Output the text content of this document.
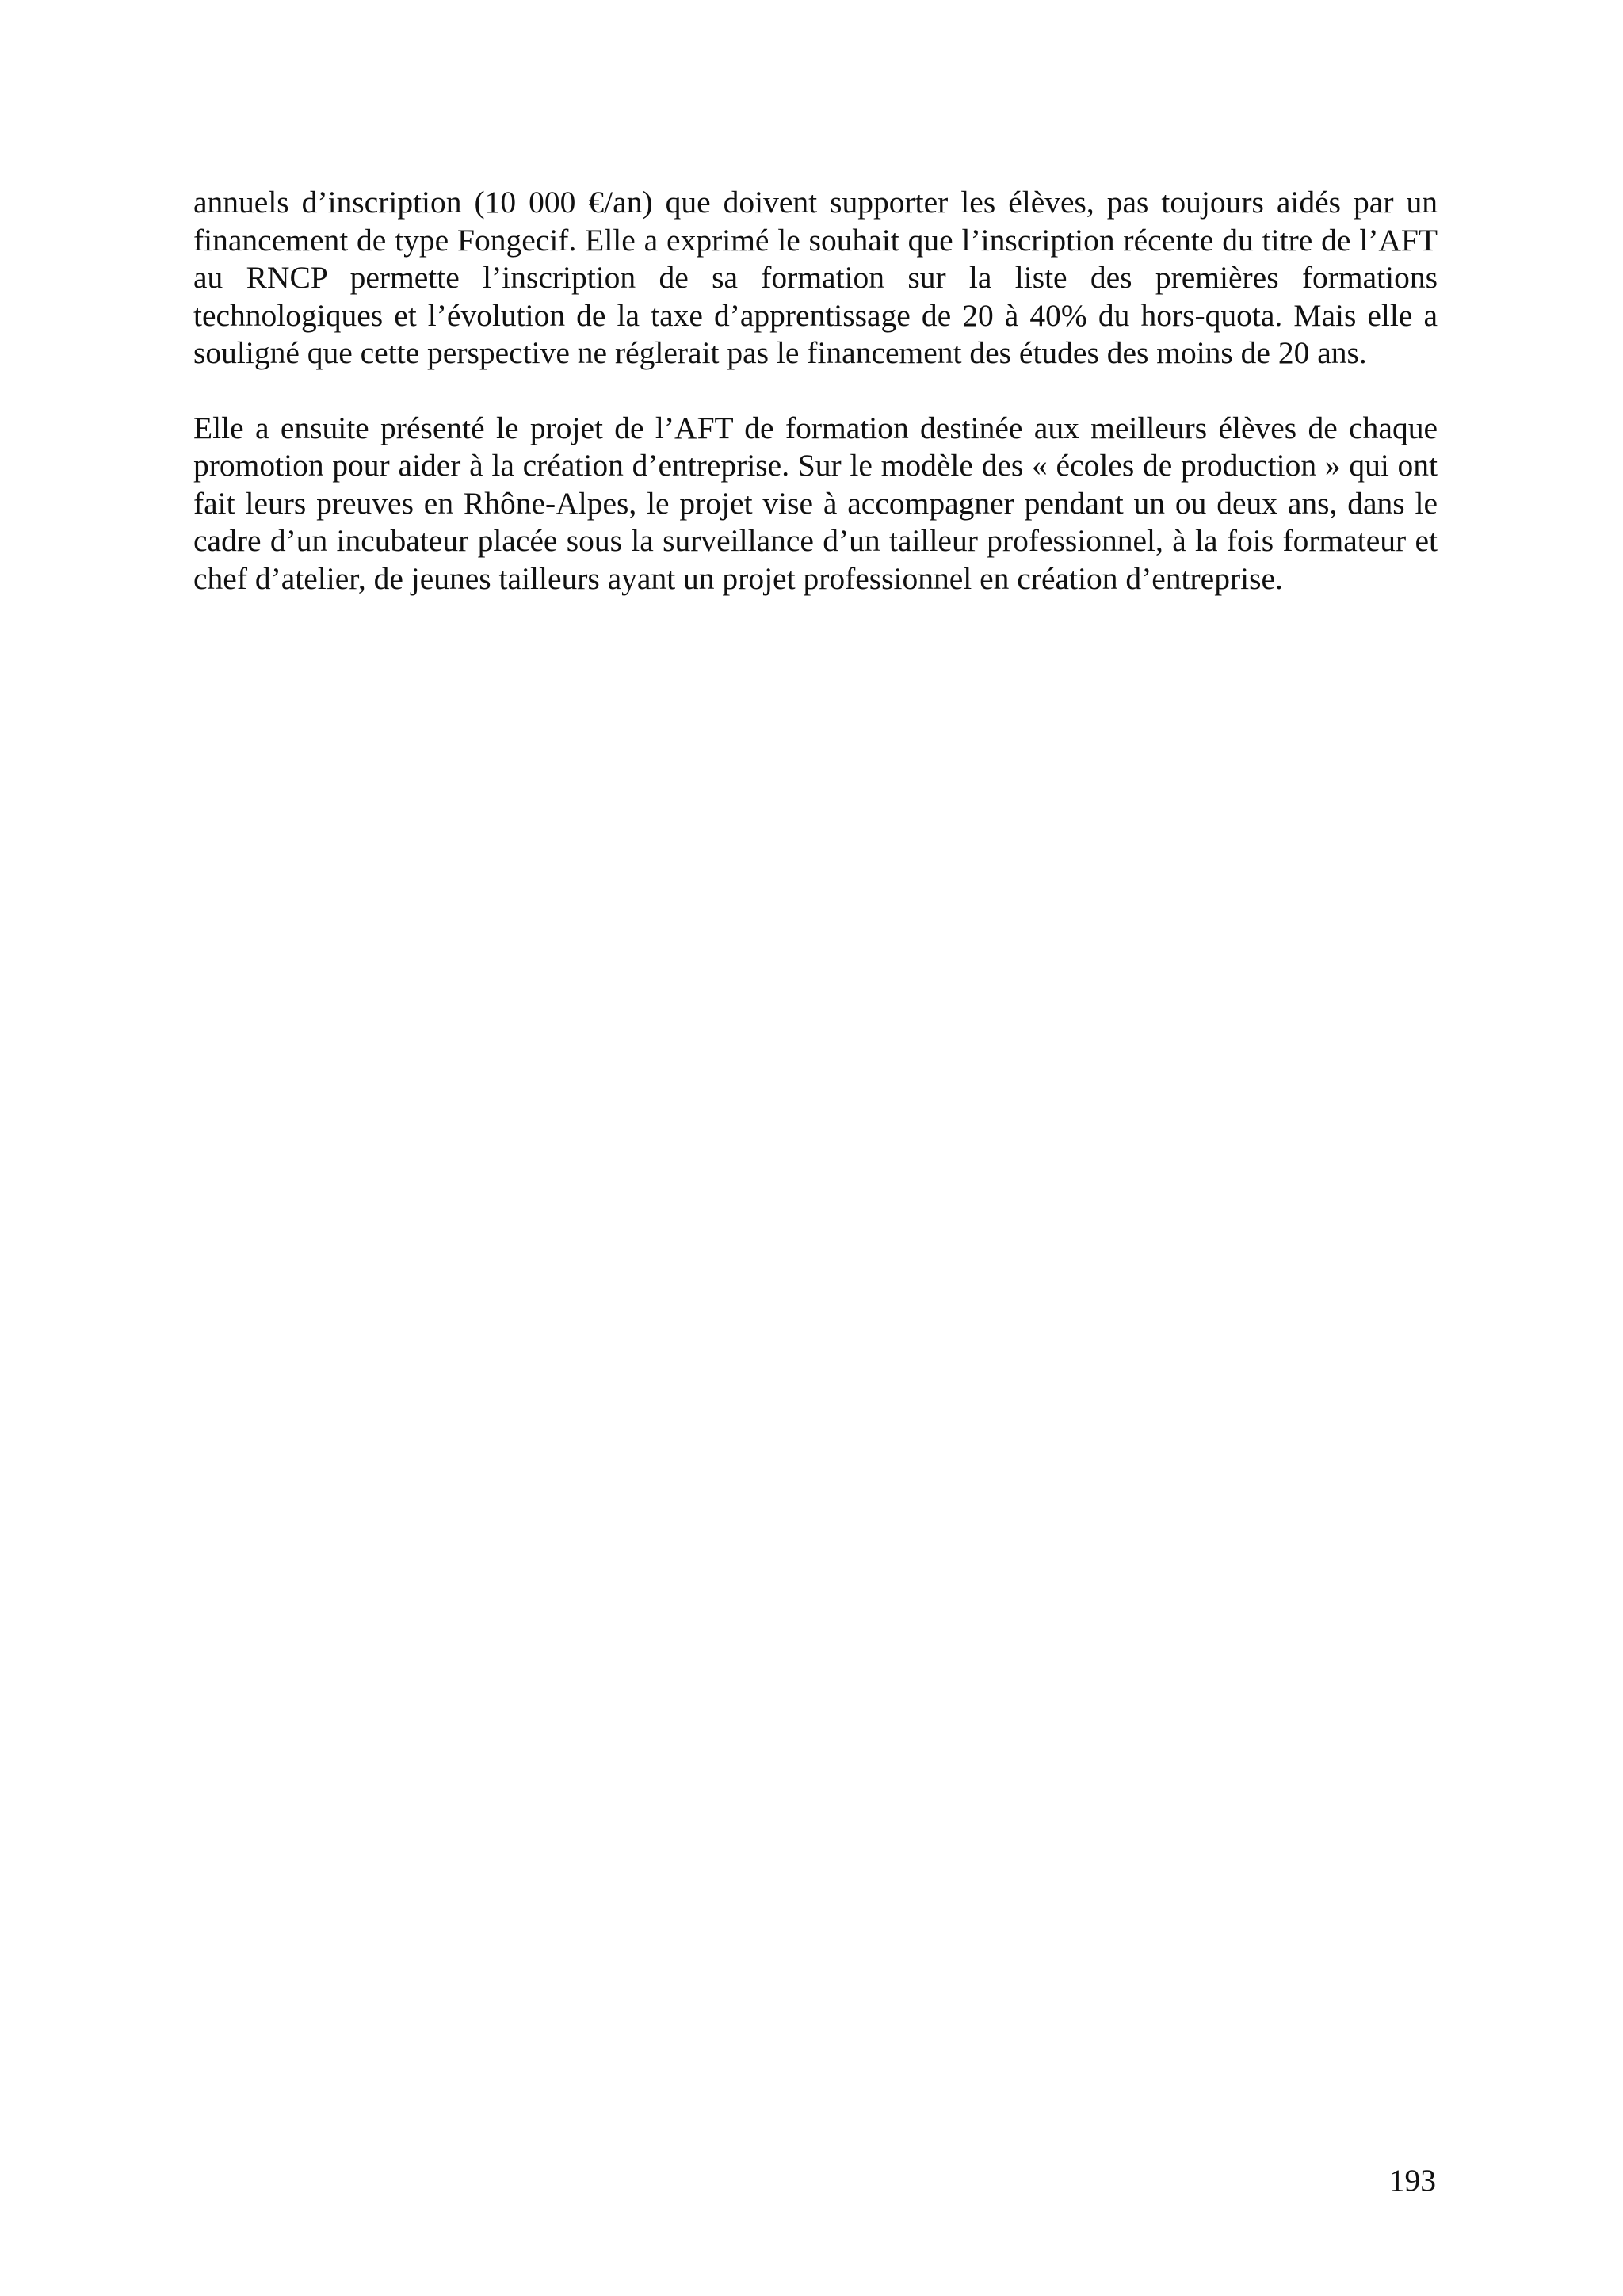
annuels d’inscription (10 000 €/an) que doivent supporter les élèves, pas toujours aidés par un financement de type Fongecif. Elle a exprimé le souhait que l’inscription récente du titre de l’AFT au RNCP permette l’inscription de sa formation sur la liste des premières formations technologiques et l’évolution de la taxe d’apprentissage de 20 à 40% du hors-quota. Mais elle a souligné que cette perspective ne réglerait pas le financement des études des moins de 20 ans.

Elle a ensuite présenté le projet de l’AFT de formation destinée aux meilleurs élèves de chaque promotion pour aider à la création d’entreprise. Sur le modèle des « écoles de production » qui ont fait leurs preuves en Rhône-Alpes, le projet vise à accompagner pendant un ou deux ans, dans le cadre d’un incubateur placée sous la surveillance d’un tailleur professionnel, à la fois formateur et chef d’atelier, de jeunes tailleurs ayant un projet professionnel en création d’entreprise.

193
